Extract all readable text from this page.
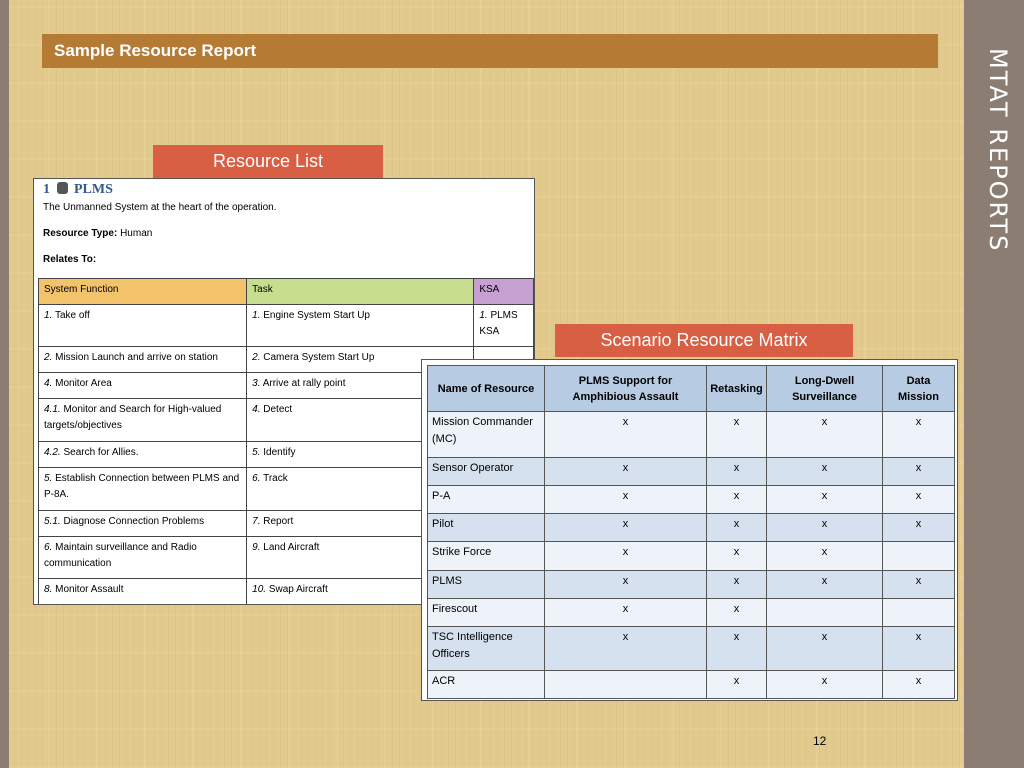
MTAT REPORTS
Sample Resource Report
Resource List
1 PLMS
The Unmanned System at the heart of the operation.
Resource Type: Human
Relates To:
System Function	Task	KSA
1. Take off	1. Engine System Start Up	1. PLMS KSA
2. Mission Launch and arrive on station	2. Camera System Start Up	
4. Monitor Area	3. Arrive at rally point	
4.1. Monitor and Search for High-valued targets/objectives	4. Detect	
4.2. Search for Allies.	5. Identify	
5. Establish Connection between PLMS and P-8A.	6. Track	
5.1. Diagnose Connection Problems	7. Report	
6. Maintain surveillance and Radio communication	9. Land Aircraft	
8. Monitor Assault	10. Swap Aircraft	
Scenario Resource Matrix
Name of Resource	PLMS Support for Amphibious Assault	Retasking	Long-Dwell Surveillance	Data Mission
Mission Commander (MC)	x	x	x	x
Sensor Operator	x	x	x	x
P-A	x	x	x	x
Pilot	x	x	x	x
Strike Force	x	x	x	
PLMS	x	x	x	x
Firescout	x	x		
TSC Intelligence Officers	x	x	x	x
ACR		x	x	x
12
